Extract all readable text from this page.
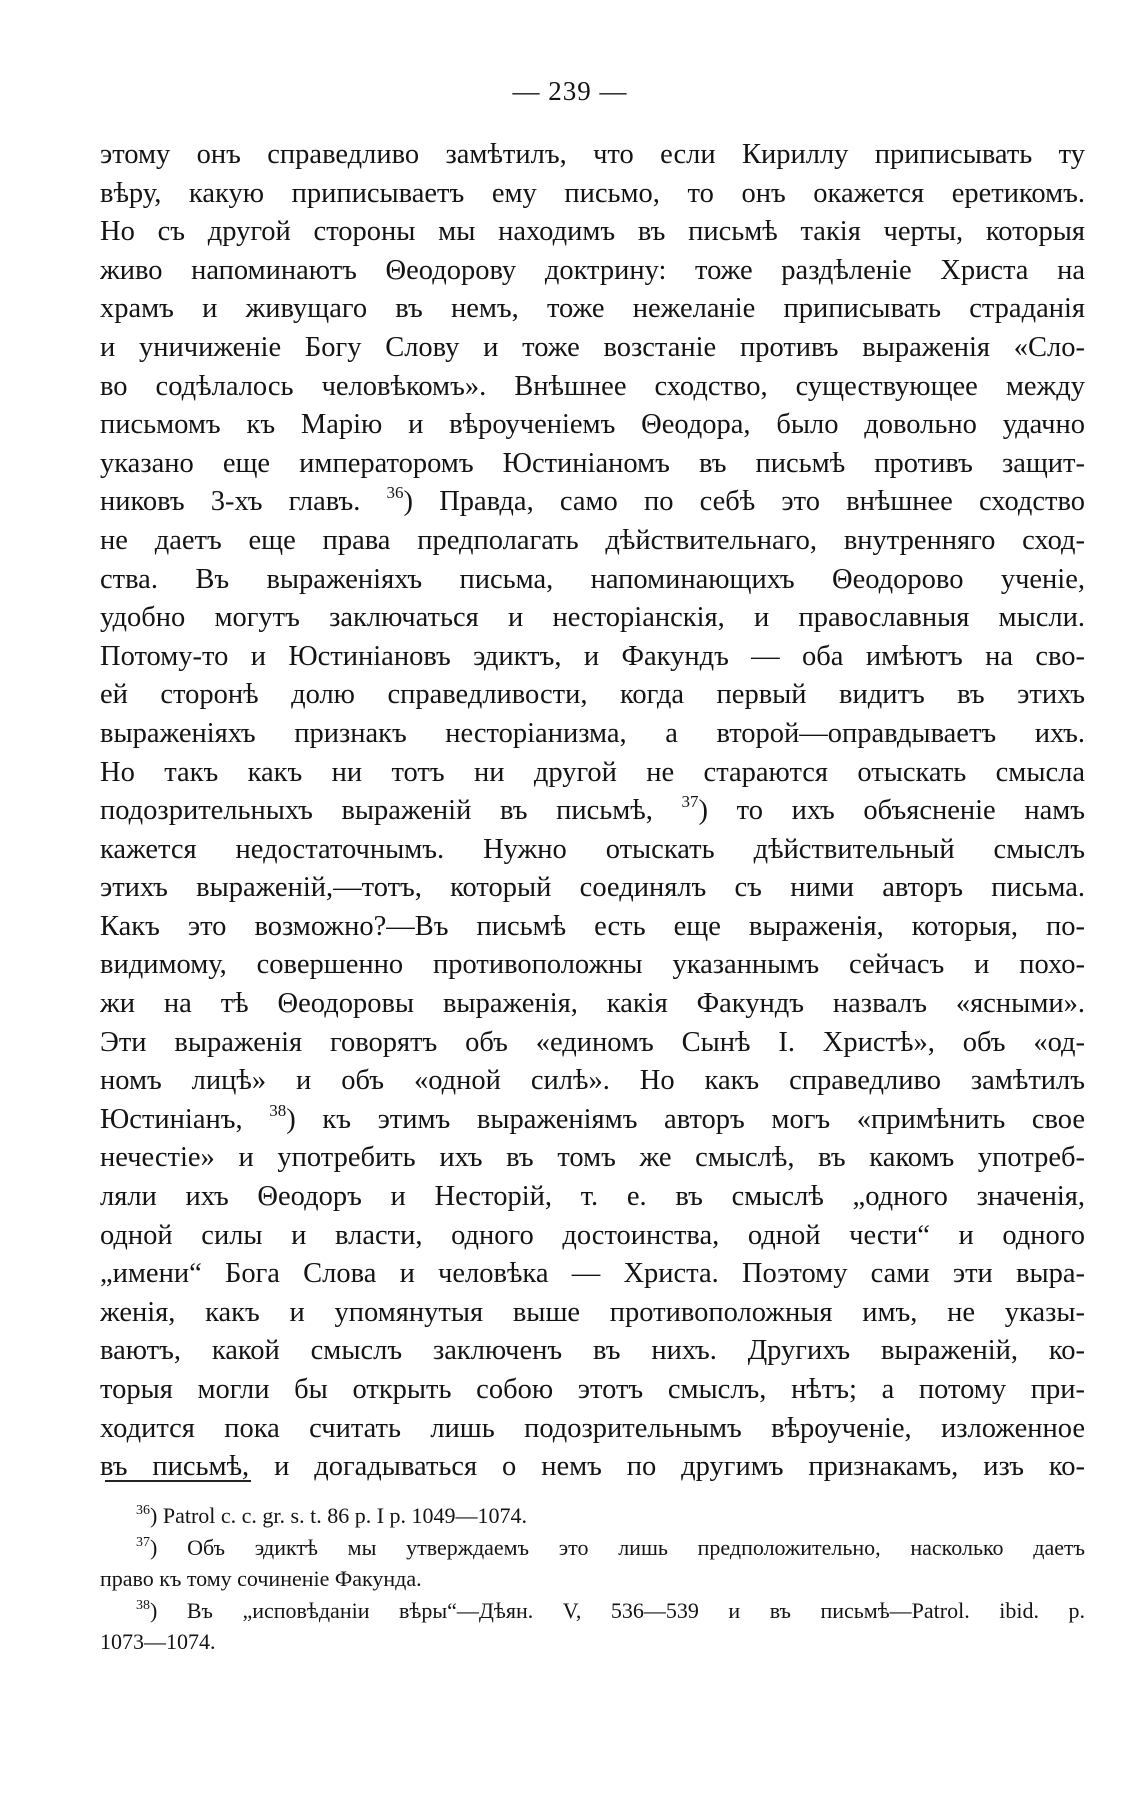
— 239 —
этому онъ справедливо замѣтилъ, что если Кириллу приписывать ту
вѣру, какую приписываетъ ему письмо, то онъ окажется еретикомъ.
Но съ другой стороны мы находимъ въ письмѣ такія черты, которыя
живо напоминаютъ Θеодорову доктрину: тоже раздѣленіе Христа на
храмъ и живущаго въ немъ, тоже нежеланіе приписывать страданія
и уничиженіе Богу Слову и тоже возстаніе противъ выраженія «Сло-
во содѣлалось человѣкомъ». Внѣшнее сходство, существующее между
письмомъ къ Марію и вѣроученіемъ Θеодора, было довольно удачно
указано еще императоромъ Юстиніаномъ въ письмѣ противъ защит-
никовъ 3-хъ главъ. $^{36}$) Правда, само по себѣ это внѣшнее сходство
не даетъ еще права предполагать дѣйствительнаго, внутренняго сход-
ства. Въ выраженіяхъ письма, напоминающихъ Θеодорово ученіе,
удобно могутъ заключаться и несторіанскія, и православныя мысли.
Потому-то и Юстиніановъ эдиктъ, и Факундъ — оба имѣютъ на сво-
ей сторонѣ долю справедливости, когда первый видитъ въ этихъ
выраженіяхъ признакъ несторіанизма, а второй—оправдываетъ ихъ.
Но такъ какъ ни тотъ ни другой не стараются отыскать смысла
подозрительныхъ выраженій въ письмѣ, $^{37}$) то ихъ объясненіе намъ
кажется недостаточнымъ. Нужно отыскать дѣйствительный смыслъ
этихъ выраженій,—тотъ, который соединялъ съ ними авторъ письма.
Какъ это возможно?—Въ письмѣ есть еще выраженія, которыя, по-
видимому, совершенно противоположны указаннымъ сейчасъ и похо-
жи на тѣ Θеодоровы выраженія, какія Факундъ назвалъ «ясными».
Эти выраженія говорятъ объ «единомъ Сынѣ І. Христѣ», объ «од-
номъ лицѣ» и объ «одной силѣ». Но какъ справедливо замѣтилъ
Юстиніанъ, $^{38}$) къ этимъ выраженіямъ авторъ могъ «примѣнить свое
нечестіе» и употребить ихъ въ томъ же смыслѣ, въ какомъ употреб-
ляли ихъ Θеодоръ и Несторій, т. е. въ смыслѣ „одного значенія,
одной силы и власти, одного достоинства, одной чести“ и одного
„имени“ Бога Слова и человѣка — Христа. Поэтому сами эти выра-
женія, какъ и упомянутыя выше противоположныя имъ, не указы-
ваютъ, какой смыслъ заключенъ въ нихъ. Другихъ выраженій, ко-
торыя могли бы открыть собою этотъ смыслъ, нѣтъ; а потому при-
ходится пока считать лишь подозрительнымъ вѣроученіе, изложенное
въ письмѣ, и догадываться о немъ по другимъ признакамъ, изъ ко-
$^{36}$) Patrol c. c. gr. s. t. 86 p. I p. 1049—1074.
$^{37}$) Объ эдиктѣ мы утверждаемъ это лишь предположительно, насколько даетъ
право къ тому сочиненіе Факунда.
$^{38}$) Въ „исповѣданіи вѣры“—Дѣян. V, 536—539 и въ письмѣ—Patrol. ibid. p.
1073—1074.
